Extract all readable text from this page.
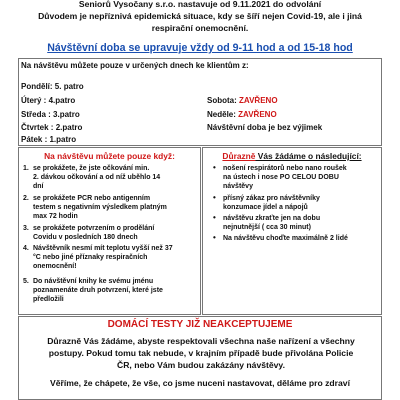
Seniorů Vysočany s.r.o. nastavuje od 9.11.2021 do odvolání

Důvodem je nepříznivá epidemická situace, kdy se šíří nejen Covid-19, ale i jiná

respirační onemocnění.

Návštěvní doba se upravuje vždy od 9-11 hod a od 15-18 hod
Na návštěvu můžete pouze v určených dnech ke klientům z:
Pondělí: 5. patro
Úterý : 4.patro
Středa : 3.patro
Čtvrtek : 2.patro
Pátek : 1.patro
Sobota: ZAVŘENO
Neděle: ZAVŘENO
Návštěvní doba je bez výjimek
Na návštěvu můžete pouze když:
1. se prokážete, že jste očkování min.
2. dávkou očkování a od níž uběhlo 14
dní
2. se prokážete PCR nebo antigenním
testem s negativním výsledkem platným
max 72 hodin
3. se prokážete potvrzením o prodělání
Covidu v posledních 180 dnech
4. Návštěvník nesmí mít teplotu vyšší než 37
°C nebo jiné příznaky respiračních
onemocnění!
5. Do návštěvní knihy ke svému jménu
poznamenáte druh potvrzení, které jste
předložili
Důrazně Vás žádáme o následující:
• nošení respirátorů nebo nano roušek
na ústech i nose PO CELOU DOBU
návštěvy
• přísný zákaz pro návštěvníky
konzumace jídel a nápojů
• návštěvu zkraťte jen na dobu
nejnutnější ( cca 30 minut)
• Na návštěvu choďte maximálně 2 lidé
DOMÁCÍ TESTY JIŽ NEAKCEPTUJEME

Důrazně Vás žádáme, abyste respektovali všechna naše nařízení a všechny

postupy. Pokud tomu tak nebude, v krajním případě bude přivolána Policie

ČR, nebo Vám budou zakázány návštěvy.

Věříme, že chápete, že vše, co jsme nuceni nastavovat, děláme pro zdraví
